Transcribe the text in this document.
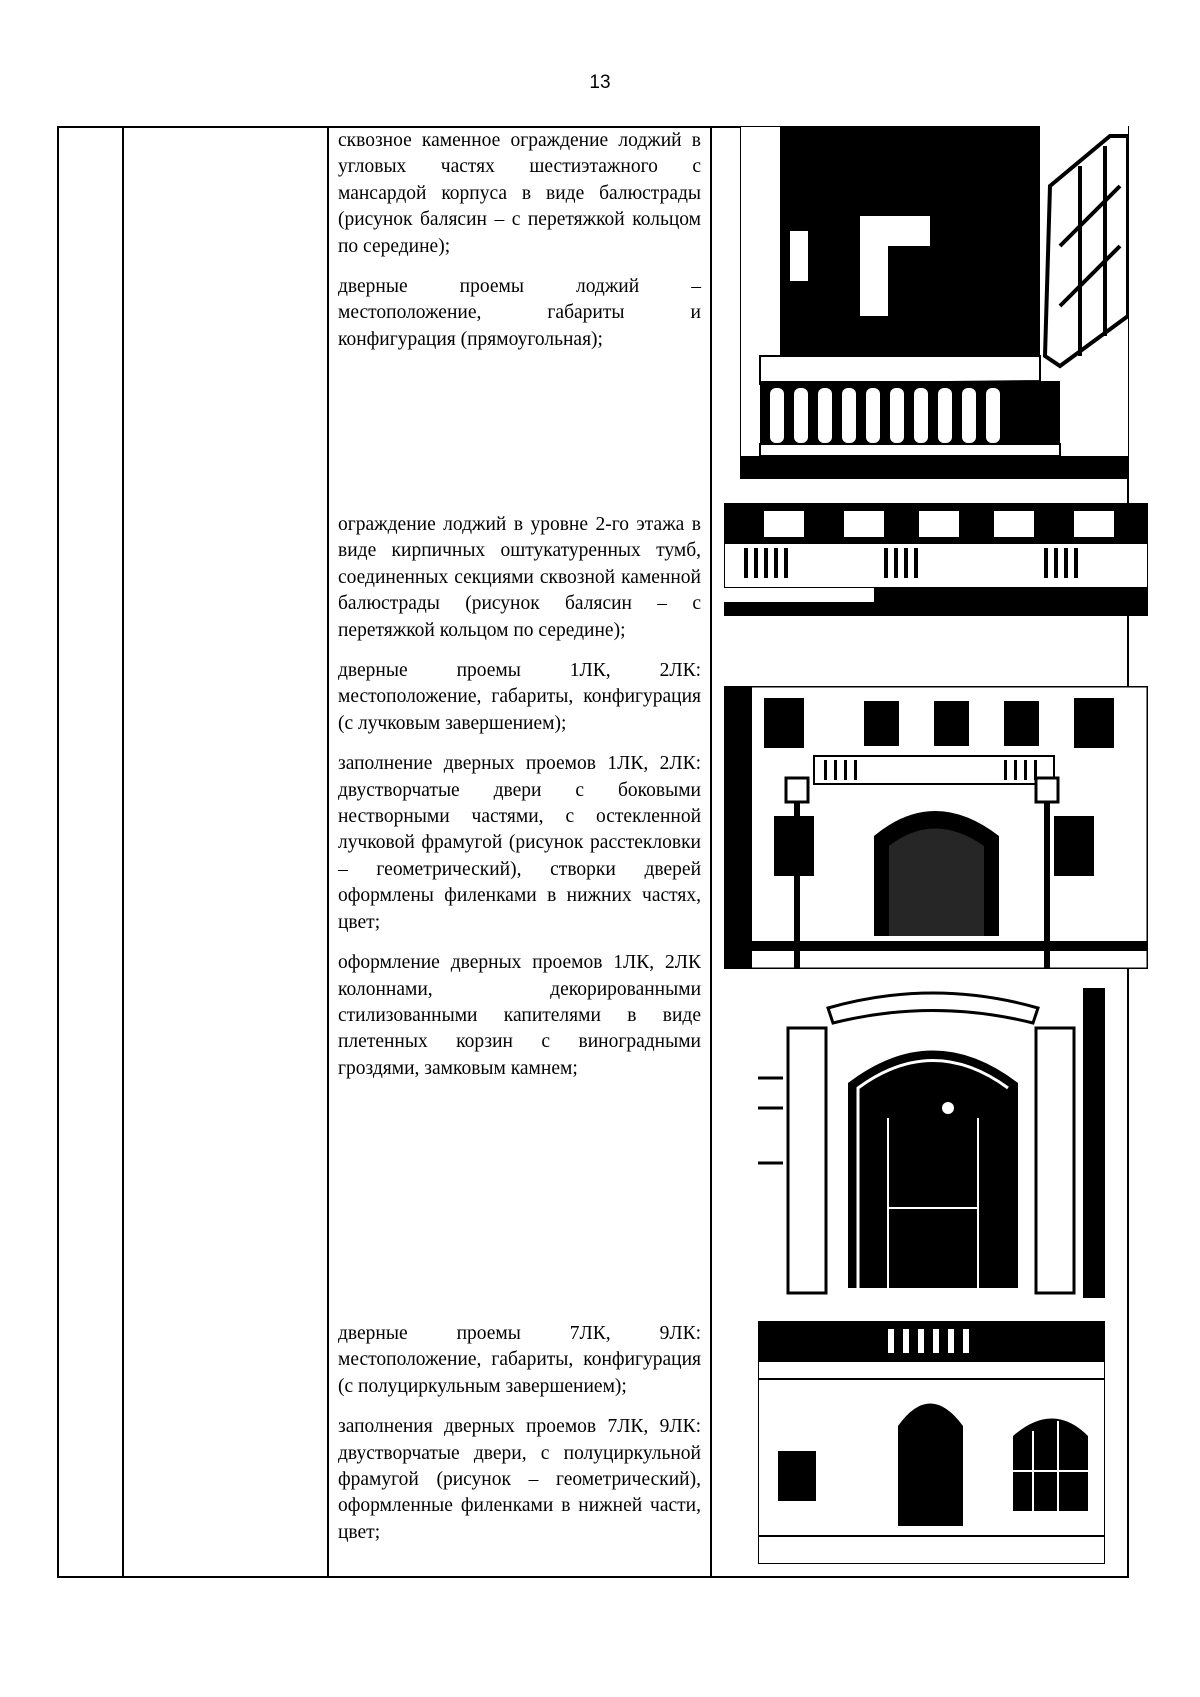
13

сквозное каменное ограждение лоджий в угловых частях шестиэтажного с мансардой корпуса в виде балюстрады (рисунок балясин – с перетяжкой кольцом по середине);

дверные проемы лоджий – местоположение, габариты и конфигурация (прямоугольная);

ограждение лоджий в уровне 2-го этажа в виде кирпичных оштукатуренных тумб, соединенных секциями сквозной каменной балюстрады (рисунок балясин – с перетяжкой кольцом по середине);

дверные проемы 1ЛК, 2ЛК: местоположение, габариты, конфигурация (с лучковым завершением);

заполнение дверных проемов 1ЛК, 2ЛК: двустворчатые двери с боковыми нестворными частями, с остекленной лучковой фрамугой (рисунок расстекловки – геометрический), створки дверей оформлены филенками в нижних частях, цвет;

оформление дверных проемов 1ЛК, 2ЛК колоннами, декорированными стилизованными капителями в виде плетенных корзин с виноградными гроздями, замковым камнем;

дверные проемы 7ЛК, 9ЛК: местоположение, габариты, конфигурация (с полуциркульным завершением);

заполнения дверных проемов 7ЛК, 9ЛК: двустворчатые двери, с полуциркульной фрамугой (рисунок – геометрический), оформленные филенками в нижней части, цвет;
